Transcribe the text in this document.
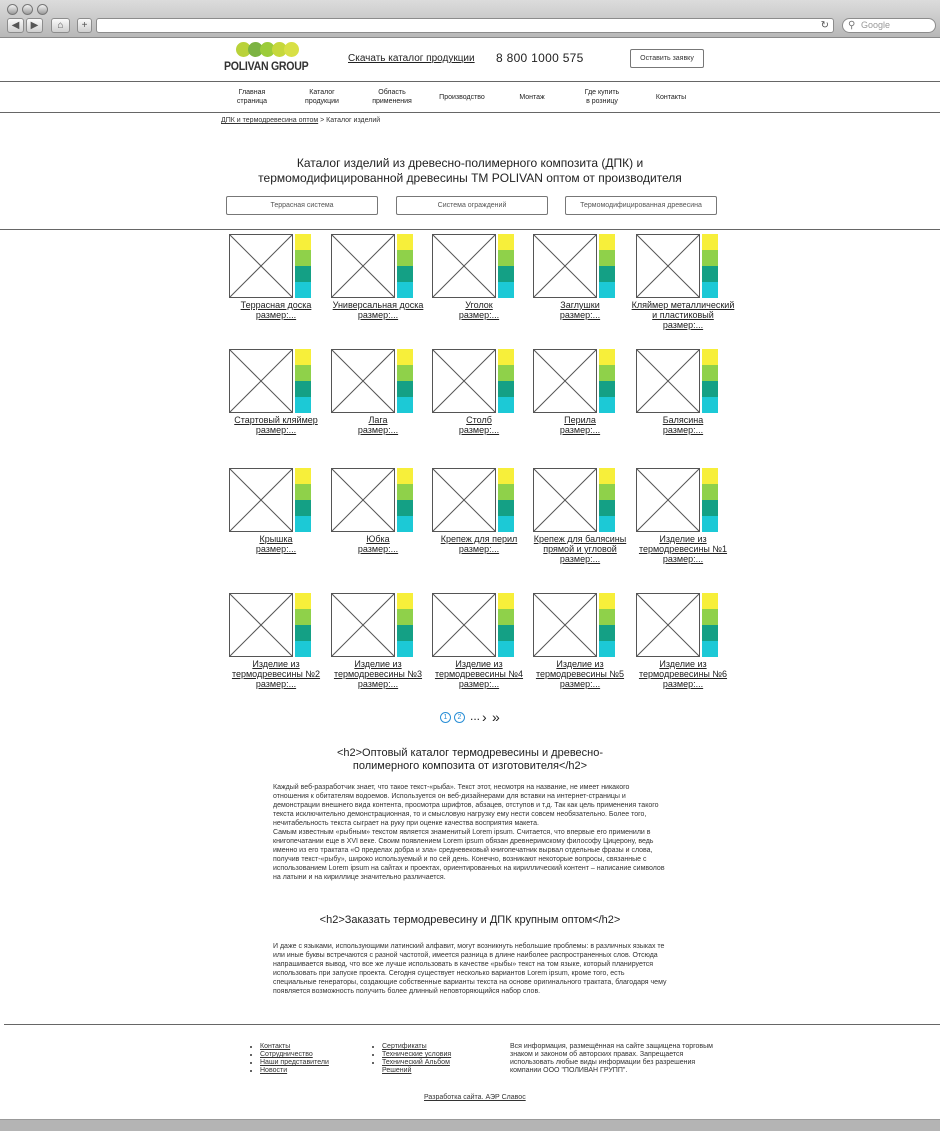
◀	▶	⌂	+	↻ ⚲ Google
POLIVAN GROUP
Скачать каталог продукции 8 800 1000 575	Оставить заявку
Главная
страница
Каталог
продукции
Область
применения
Производство	Монтаж
Где купить
в розницу
Контакты
ДПК и термодревесина оптом > Каталог изделий
Каталог изделий из древесно-полимерного композита (ДПК) и
термомодифицированной древесины ТМ POLIVAN оптом от производителя
Террасная система	Система ограждений	Термомодифицированная древесина
Террасная доска
размер:...
Универсальная доска
размер:...
Уголок
размер:...
Заглушки
размер:...
Кляймер металлический и пластиковый
размер:...
Стартовый кляймер
размер:...
Лага
размер:...
Столб
размер:...
Перила
размер:...
Балясина
размер:...
Крышка
размер:...
Юбка
размер:...
Крепеж для перил
размер:...
Крепеж для балясины прямой и угловой
размер:...
Изделие из термодревесины №1
размер:...
Изделие из термодревесины №2
размер:...
Изделие из термодревесины №3
размер:...
Изделие из термодревесины №4
размер:...
Изделие из термодревесины №5
размер:...
Изделие из термодревесины №6
размер:...
1	2 ... › »
<h2>Оптовый каталог термодревесины и древесно-
полимерного композита от изготовителя</h2>
Каждый веб-разработчик знает, что такое текст-«рыба». Текст этот, несмотря на название, не имеет никакого отношения к обитателям водоемов. Используется он веб-дизайнерами для вставки на интернет-страницы и демонстрации внешнего вида контента, просмотра шрифтов, абзацев, отступов и т.д. Так как цель применения такого текста исключительно демонстрационная, то и смысловую нагрузку ему нести совсем необязательно. Более того, нечитабельность текста сыграет на руку при оценке качества восприятия макета.
Самым известным «рыбным» текстом является знаменитый Lorem ipsum. Считается, что впервые его применили в книгопечатании еще в XVI веке. Своим появлением Lorem ipsum обязан древнеримскому философу Цицерону, ведь именно из его трактата «О пределах добра и зла» средневековый книгопечатник вырвал отдельные фразы и слова, получив текст-«рыбу», широко используемый и по сей день. Конечно, возникают некоторые вопросы, связанные с использованием Lorem ipsum на сайтах и проектах, ориентированных на кириллический контент – написание символов на латыни и на кириллице значительно различается.
<h2>Заказать термодревесину и ДПК крупным оптом</h2>
И даже с языками, использующими латинский алфавит, могут возникнуть небольшие проблемы: в различных языках те или иные буквы встречаются с разной частотой, имеется разница в длине наиболее распространенных слов. Отсюда напрашивается вывод, что все же лучше использовать в качестве «рыбы» текст на том языке, который планируется использовать при запуске проекта. Сегодня существует несколько вариантов Lorem ipsum, кроме того, есть специальные генераторы, создающие собственные варианты текста на основе оригинального трактата, благодаря чему появляется возможность получить более длинный неповторяющийся набор слов.
• Контакты
• Сотрудничество
• Наши представители
• Новости
• Сертификаты
• Технические условия
• Технический Альбом Решений
Вся информация, размещённая на сайте защищена торговым знаком и законом об авторских правах. Запрещается использовать любые виды информации без разрешения компании ООО "ПОЛИВАН ГРУПП".
Разработка сайта. АЭР Славос
